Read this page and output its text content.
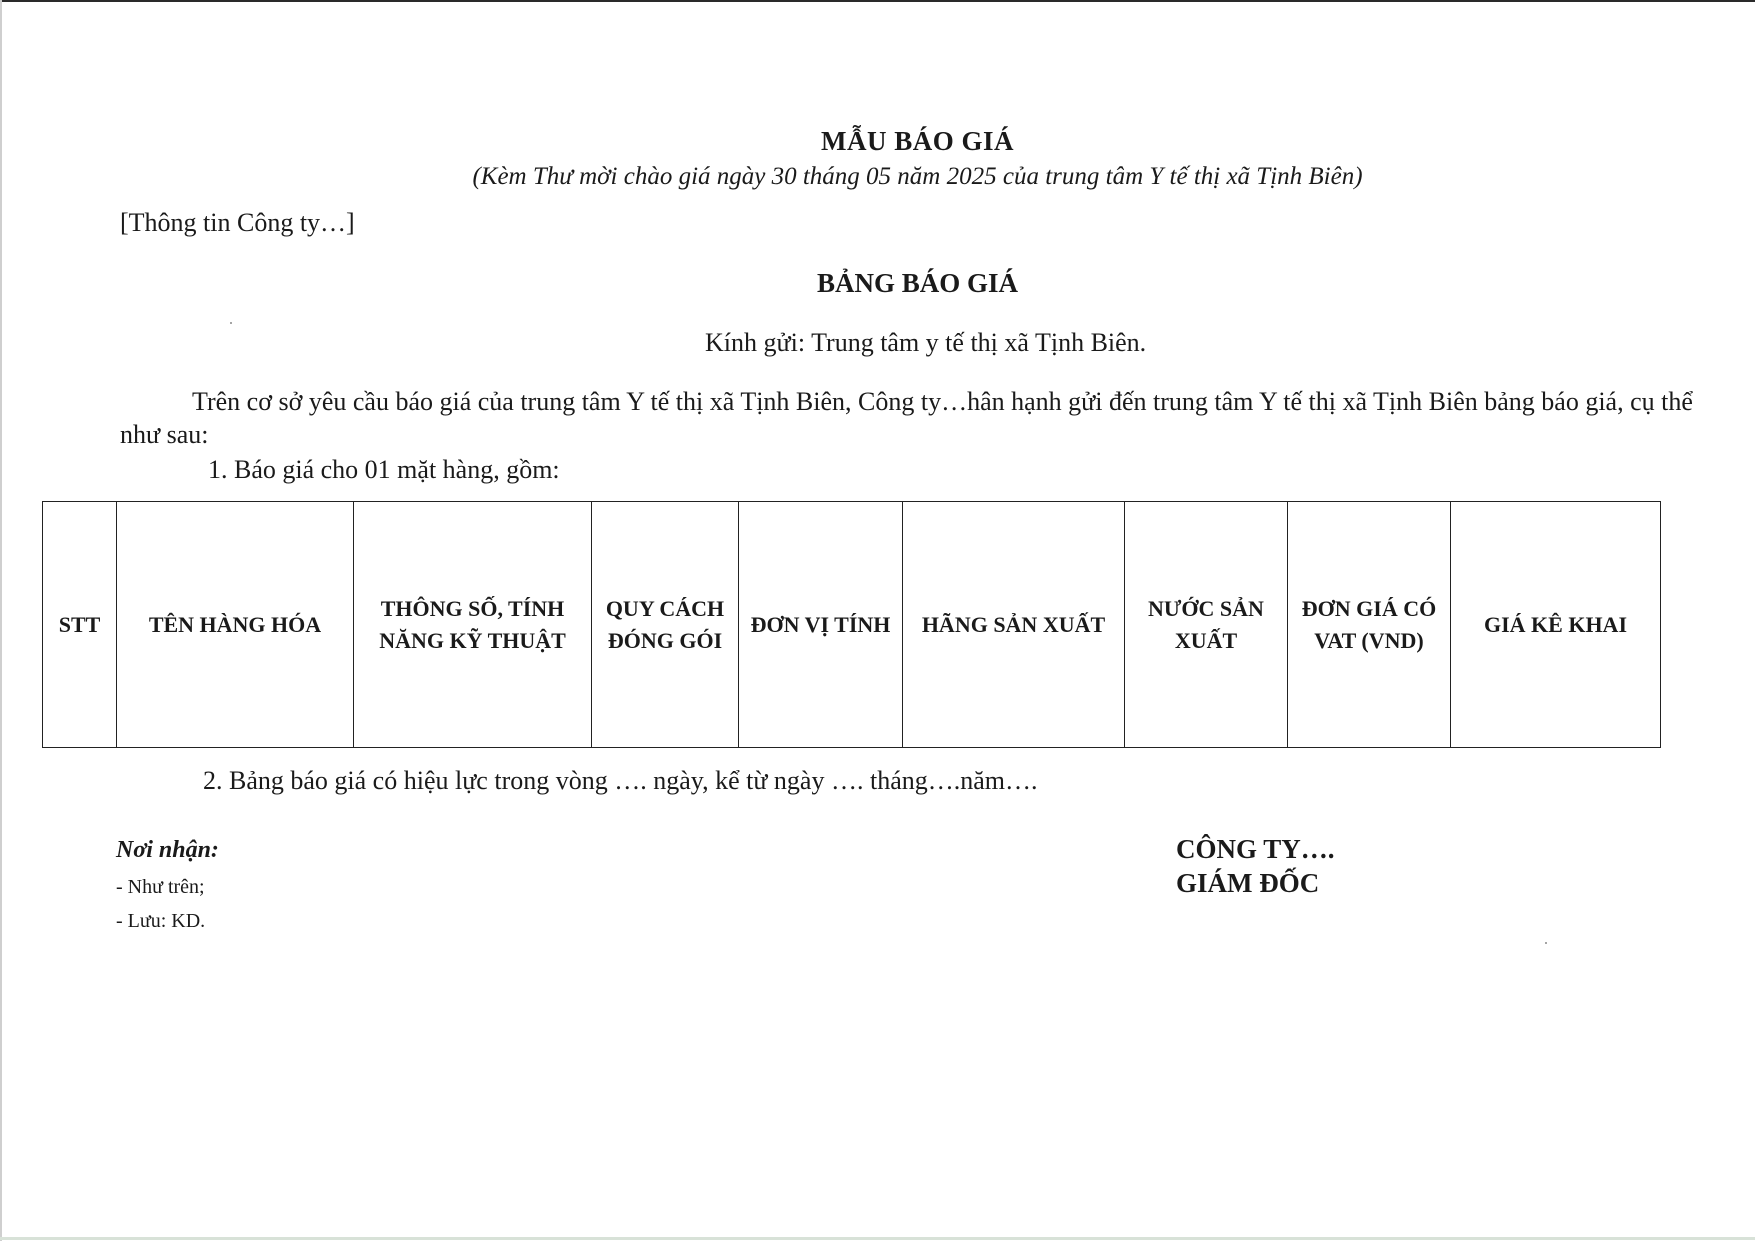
MẪU BÁO GIÁ
(Kèm Thư mời chào giá ngày 30 tháng 05 năm 2025 của trung tâm Y tế thị xã Tịnh Biên)
[Thông tin Công ty…]
BẢNG BÁO GIÁ
Kính gửi: Trung tâm y tế thị xã Tịnh Biên.
Trên cơ sở yêu cầu báo giá của trung tâm Y tế thị xã Tịnh Biên, Công ty…hân hạnh gửi đến trung tâm Y tế thị xã Tịnh Biên bảng báo giá, cụ thể như sau:
1. Báo giá cho 01 mặt hàng, gồm:
STT	TÊN HÀNG HÓA	THÔNG SỐ, TÍNH NĂNG KỸ THUẬT	QUY CÁCH ĐÓNG GÓI	ĐƠN VỊ TÍNH	HÃNG SẢN XUẤT	NƯỚC SẢN XUẤT	ĐƠN GIÁ CÓ VAT (VND)	GIÁ KÊ KHAI
2. Bảng báo giá có hiệu lực trong vòng …. ngày, kể từ ngày …. tháng….năm….
Nơi nhận:
- Như trên;
- Lưu: KD.
CÔNG TY….
GIÁM ĐỐC
